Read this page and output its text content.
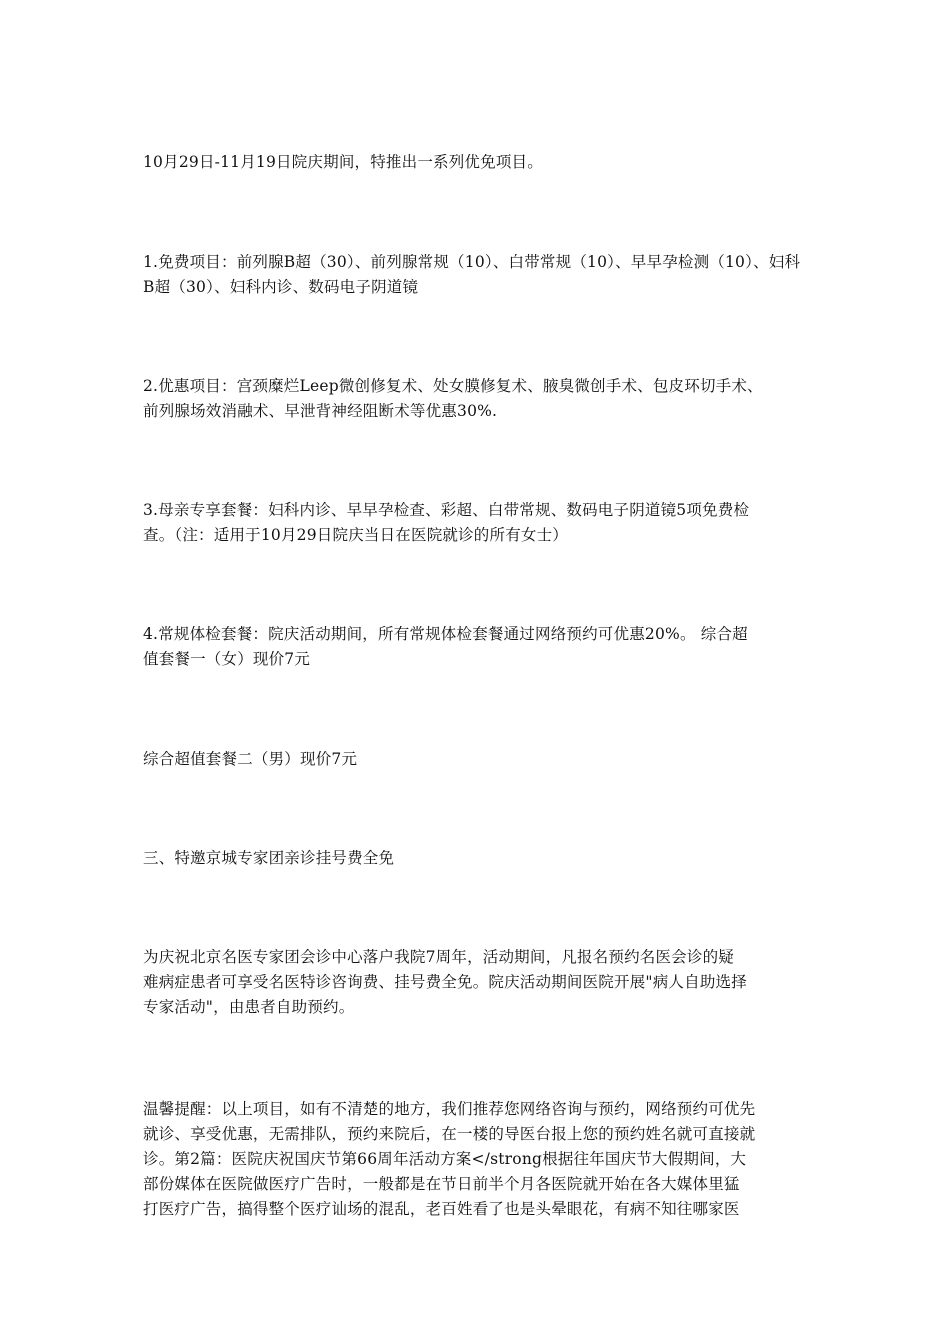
10月29日-11月19日院庆期间，特推出一系列优免项目。

1.免费项目：前列腺B超（30）、前列腺常规（10）、白带常规（10）、早早孕检测（10）、妇科
B超（30）、妇科内诊、数码电子阴道镜

2.优惠项目：宫颈糜烂Leep微创修复术、处女膜修复术、腋臭微创手术、包皮环切手术、
前列腺场效消融术、早泄背神经阻断术等优惠30%.

3.母亲专享套餐：妇科内诊、早早孕检查、彩超、白带常规、数码电子阴道镜5项免费检
查。（注：适用于10月29日院庆当日在医院就诊的所有女士）

4.常规体检套餐：院庆活动期间，所有常规体检套餐通过网络预约可优惠20%。 综合超
值套餐一（女）现价7元

综合超值套餐二（男）现价7元

三、特邀京城专家团亲诊挂号费全免

为庆祝北京名医专家团会诊中心落户我院7周年，活动期间，凡报名预约名医会诊的疑
难病症患者可享受名医特诊咨询费、挂号费全免。院庆活动期间医院开展"病人自助选择
专家活动"，由患者自助预约。

温馨提醒：以上项目，如有不清楚的地方，我们推荐您网络咨询与预约，网络预约可优先
就诊、享受优惠，无需排队，预约来院后，在一楼的导医台报上您的预约姓名就可直接就
诊。第2篇：医院庆祝国庆节第66周年活动方案</strong根据往年国庆节大假期间，大
部份媒体在医院做医疗广告时，一般都是在节日前半个月各医院就开始在各大媒体里猛
打医疗广告，搞得整个医疗讪场的混乱，老百姓看了也是头晕眼花，有病不知往哪家医
